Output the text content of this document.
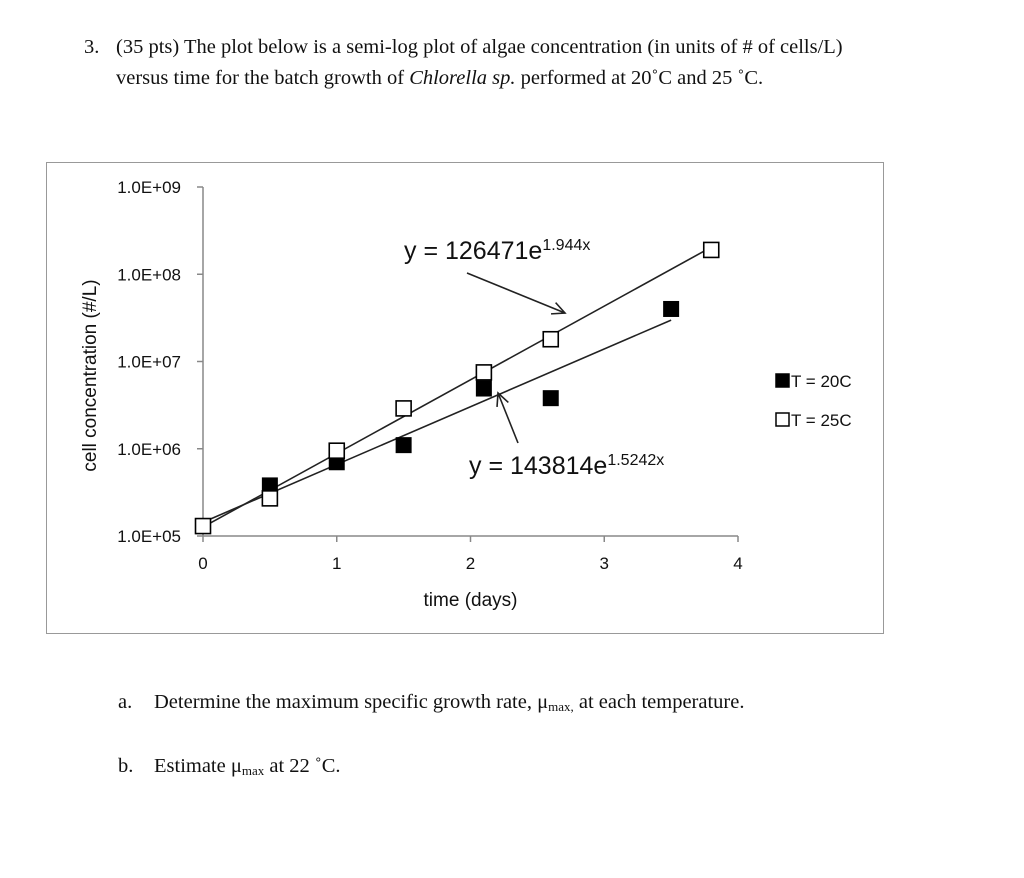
3. (35 pts) The plot below is a semi-log plot of algae concentration (in units of # of cells/L)
versus time for the batch growth of Chlorella sp. performed at 20˚C and 25 ˚C.
1.0E+05
1.0E+06
1.0E+07
1.0E+08
1.0E+09
0	1	2	3	4
time (days)
cell concentration (#/L)
$y = 126471e^{1.944x}$
$y = 143814e^{1.5242x}$
T = 20C
T = 25C
a. Determine the maximum specific growth rate, $\mu_{max,}$ at each temperature.
b. Estimate $\mu_{max}$ at 22 ˚C.
